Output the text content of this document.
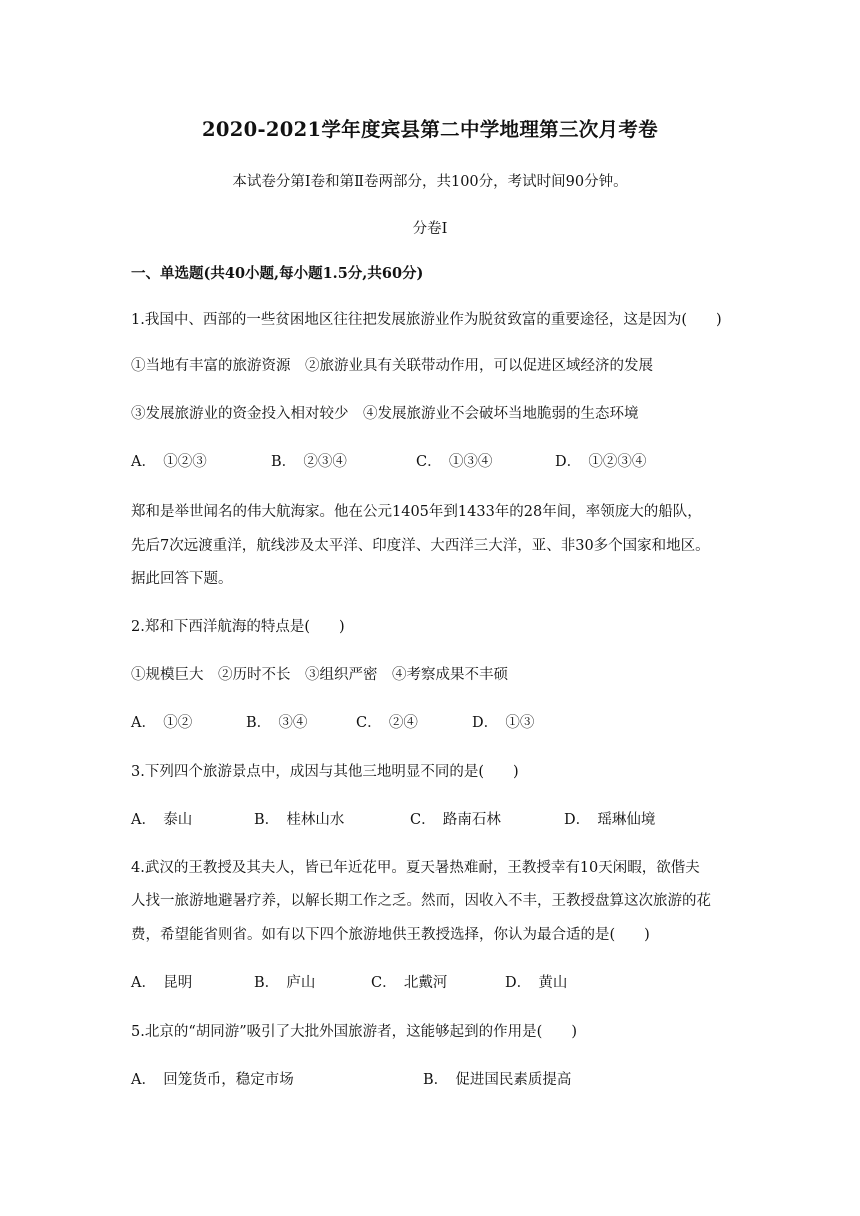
2020-2021学年度宾县第二中学地理第三次月考卷
本试卷分第Ⅰ卷和第Ⅱ卷两部分，共100分，考试时间90分钟。
分卷I
一、单选题(共40小题,每小题1.5分,共60分)
1.我国中、西部的一些贫困地区往往把发展旅游业作为脱贫致富的重要途径，这是因为(　　)
①当地有丰富的旅游资源　②旅游业具有关联带动作用，可以促进区域经济的发展
③发展旅游业的资金投入相对较少　④发展旅游业不会破坏当地脆弱的生态环境
A．　①②③	B．　②③④	C．　①③④	D．　①②③④
郑和是举世闻名的伟大航海家。他在公元1405年到1433年的28年间，率领庞大的船队，
先后7次远渡重洋，航线涉及太平洋、印度洋、大西洋三大洋，亚、非30多个国家和地区。
据此回答下题。
2.郑和下西洋航海的特点是(　　)
①规模巨大　②历时不长　③组织严密　④考察成果不丰硕
A．　①②	B．　③④	C．　②④	D．　①③
3.下列四个旅游景点中，成因与其他三地明显不同的是(　　)
A．　泰山	B．　桂林山水	C．　路南石林	D．　瑶琳仙境
4.武汉的王教授及其夫人，皆已年近花甲。夏天暑热难耐，王教授幸有10天闲暇，欲偕夫
人找一旅游地避暑疗养，以解长期工作之乏。然而，因收入不丰，王教授盘算这次旅游的花
费，希望能省则省。如有以下四个旅游地供王教授选择，你认为最合适的是(　　)
A．　昆明	B．　庐山	C．　北戴河	D．　黄山
5.北京的“胡同游”吸引了大批外国旅游者，这能够起到的作用是(　　)
A．　回笼货币，稳定市场	B．　促进国民素质提高
